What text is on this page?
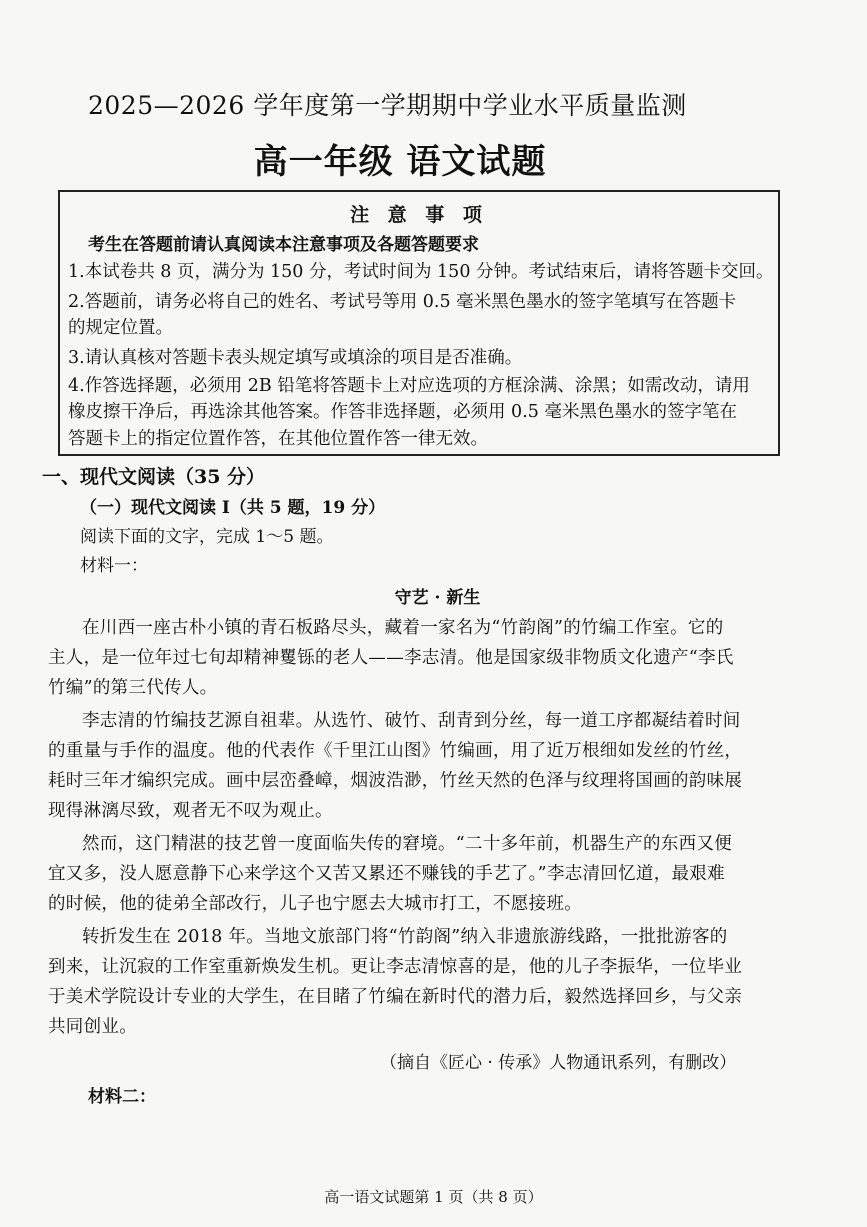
2025—2026 学年度第一学期期中学业水平质量监测
高一年级 语文试题
注 意 事 项
考生在答题前请认真阅读本注意事项及各题答题要求
1.本试卷共 8 页，满分为 150 分，考试时间为 150 分钟。考试结束后，请将答题卡交回。
2.答题前，请务必将自己的姓名、考试号等用 0.5 毫米黑色墨水的签字笔填写在答题卡
的规定位置。
3.请认真核对答题卡表头规定填写或填涂的项目是否准确。
4.作答选择题，必须用 2B 铅笔将答题卡上对应选项的方框涂满、涂黑；如需改动，请用
橡皮擦干净后，再选涂其他答案。作答非选择题，必须用 0.5 毫米黑色墨水的签字笔在
答题卡上的指定位置作答，在其他位置作答一律无效。
一、现代文阅读（35 分）
（一）现代文阅读 I（共 5 题，19 分）
阅读下面的文字，完成 1～5 题。
材料一：
守艺 · 新生
在川西一座古朴小镇的青石板路尽头，藏着一家名为“竹韵阁”的竹编工作室。它的
主人，是一位年过七旬却精神矍铄的老人——李志清。他是国家级非物质文化遗产“李氏
竹编”的第三代传人。
李志清的竹编技艺源自祖辈。从选竹、破竹、刮青到分丝，每一道工序都凝结着时间
的重量与手作的温度。他的代表作《千里江山图》竹编画，用了近万根细如发丝的竹丝，
耗时三年才编织完成。画中层峦叠嶂，烟波浩渺，竹丝天然的色泽与纹理将国画的韵味展
现得淋漓尽致，观者无不叹为观止。
然而，这门精湛的技艺曾一度面临失传的窘境。“二十多年前，机器生产的东西又便
宜又多，没人愿意静下心来学这个又苦又累还不赚钱的手艺了。”李志清回忆道，最艰难
的时候，他的徒弟全部改行，儿子也宁愿去大城市打工，不愿接班。
转折发生在 2018 年。当地文旅部门将“竹韵阁”纳入非遗旅游线路，一批批游客的
到来，让沉寂的工作室重新焕发生机。更让李志清惊喜的是，他的儿子李振华，一位毕业
于美术学院设计专业的大学生，在目睹了竹编在新时代的潜力后，毅然选择回乡，与父亲
共同创业。
（摘自《匠心 · 传承》人物通讯系列，有删改）
材料二：
高一语文试题第 1 页（共 8 页）
